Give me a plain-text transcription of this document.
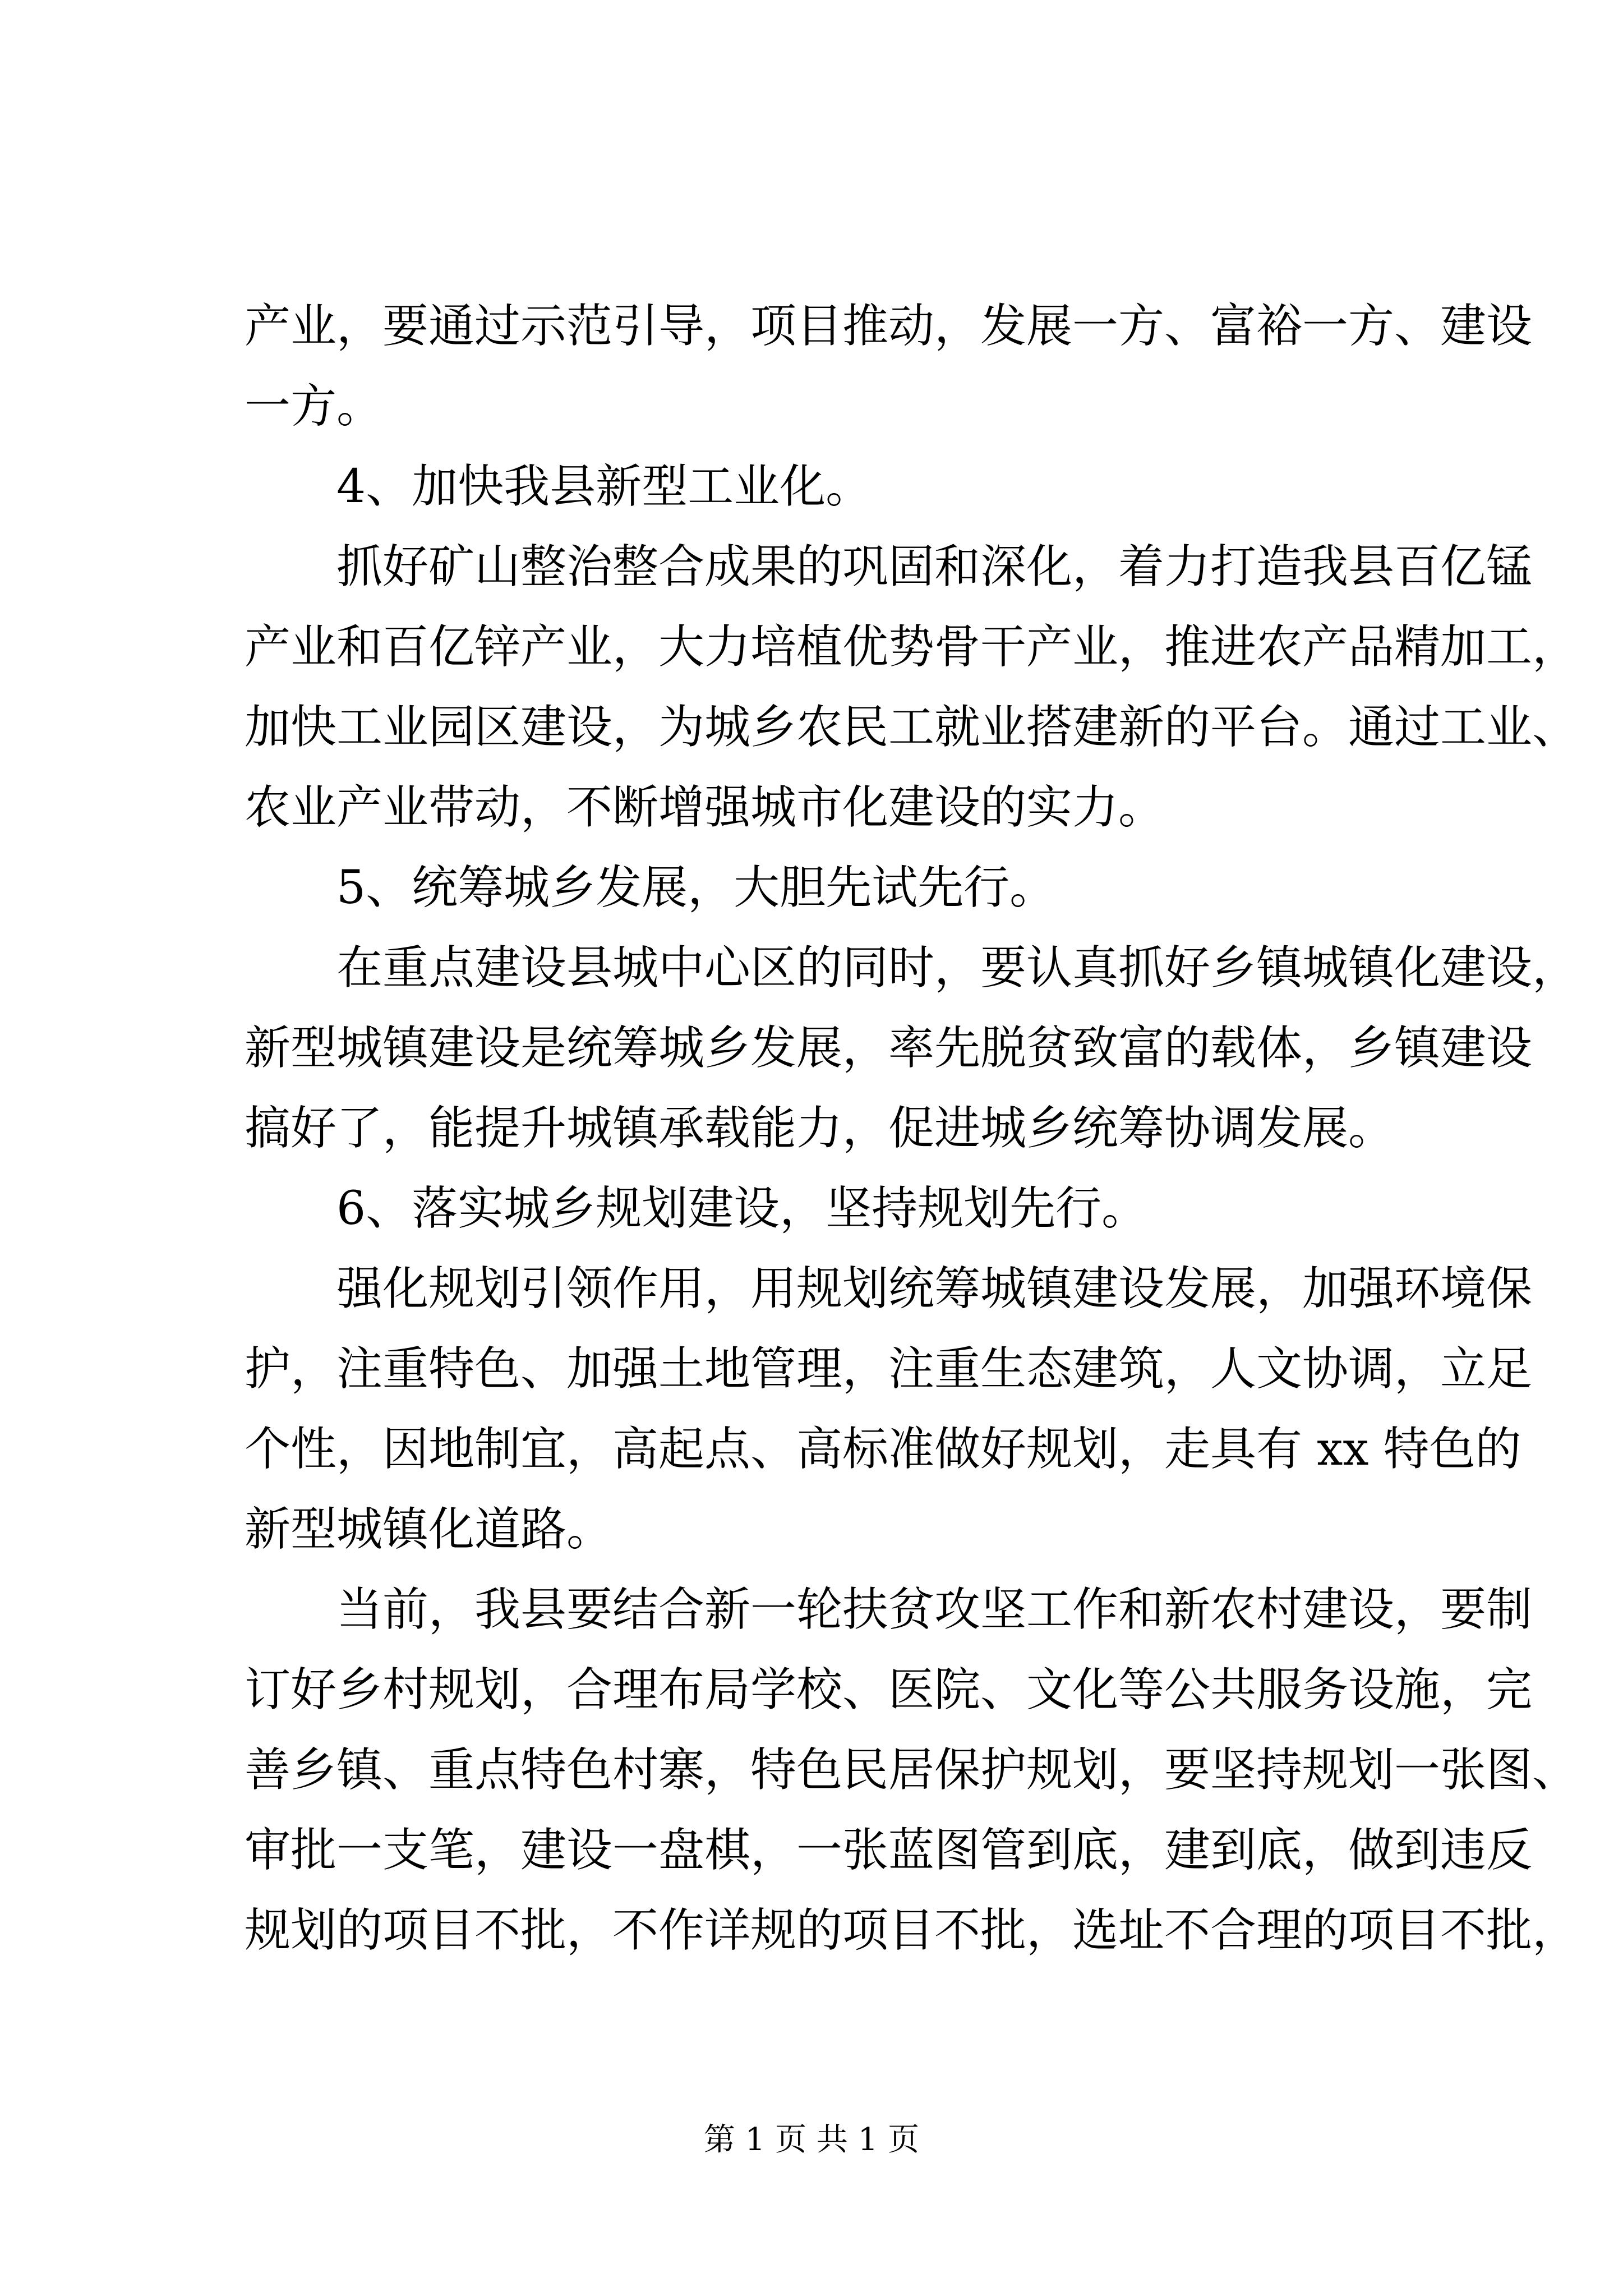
产业，要通过示范引导，项目推动，发展一方、富裕一方、建设
一方。
4、加快我县新型工业化。
抓好矿山整治整合成果的巩固和深化，着力打造我县百亿锰
产业和百亿锌产业，大力培植优势骨干产业，推进农产品精加工，
加快工业园区建设，为城乡农民工就业搭建新的平台。通过工业、
农业产业带动，不断增强城市化建设的实力。
5、统筹城乡发展，大胆先试先行。
在重点建设县城中心区的同时，要认真抓好乡镇城镇化建设，
新型城镇建设是统筹城乡发展，率先脱贫致富的载体，乡镇建设
搞好了，能提升城镇承载能力，促进城乡统筹协调发展。
6、落实城乡规划建设，坚持规划先行。
强化规划引领作用，用规划统筹城镇建设发展，加强环境保
护，注重特色、加强土地管理，注重生态建筑，人文协调，立足
个性，因地制宜，高起点、高标准做好规划，走具有 xx 特色的
新型城镇化道路。
当前，我县要结合新一轮扶贫攻坚工作和新农村建设，要制
订好乡村规划，合理布局学校、医院、文化等公共服务设施，完
善乡镇、重点特色村寨，特色民居保护规划，要坚持规划一张图、
审批一支笔，建设一盘棋，一张蓝图管到底，建到底，做到违反
规划的项目不批，不作详规的项目不批，选址不合理的项目不批，
第 1 页 共 1 页
